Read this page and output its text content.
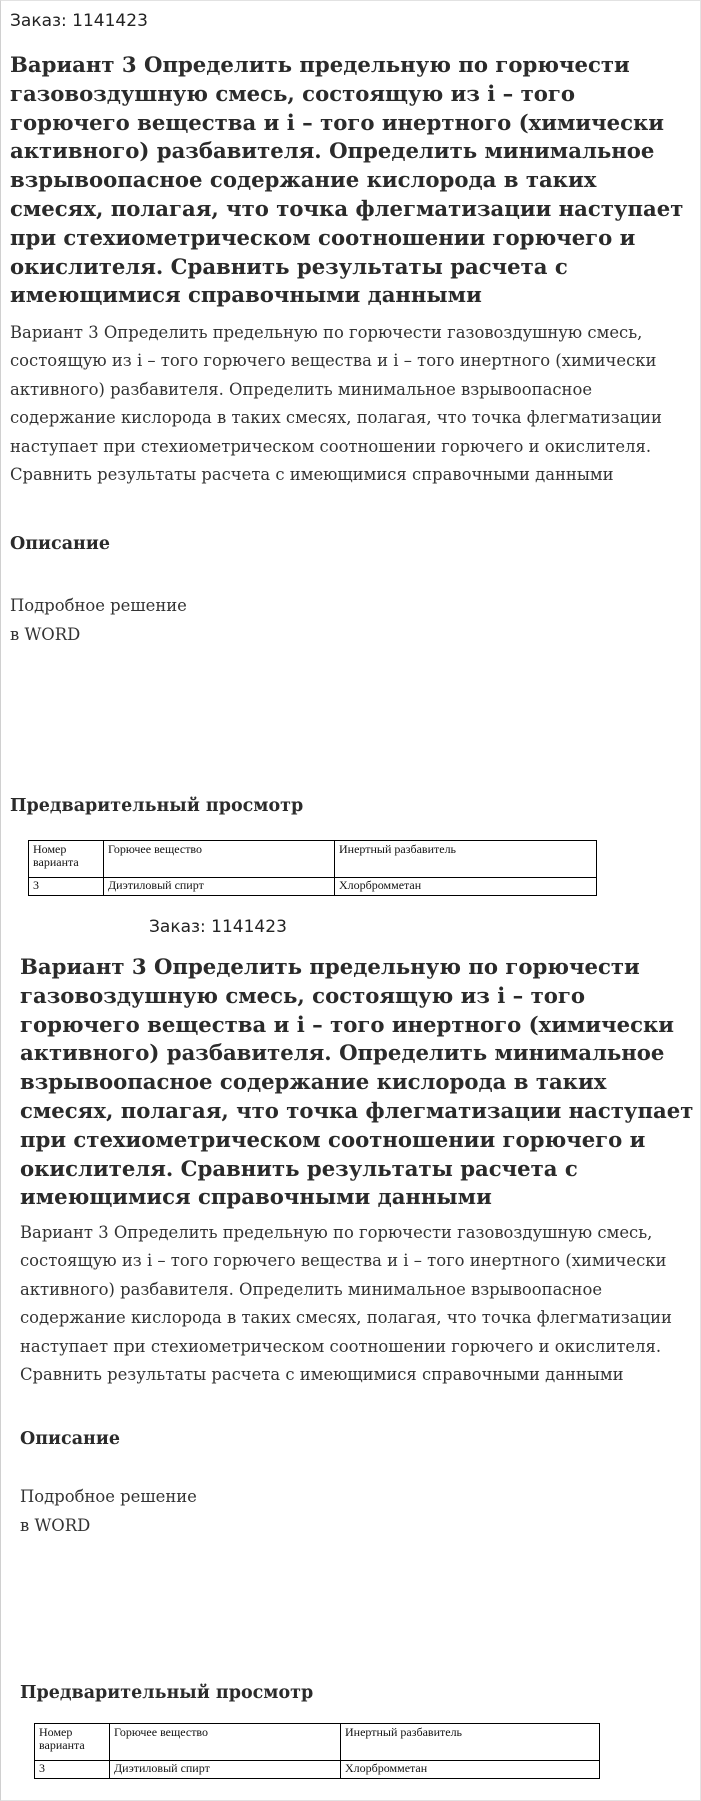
Заказ: 1141423
Вариант 3 Определить предельную по горючести газовоздушную смесь, состоящую из i – того горючего вещества и i – того инертного (химически активного) разбавителя. Определить минимальное взрывоопасное содержание кислорода в таких смесях, полагая, что точка флегматизации наступает при стехиометрическом соотношении горючего и окислителя. Сравнить результаты расчета с имеющимися справочными данными

Вариант 3 Определить предельную по горючести газовоздушную смесь, состоящую из i – того горючего вещества и i – того инертного (химически активного) разбавителя. Определить минимальное взрывоопасное содержание кислорода в таких смесях, полагая, что точка флегматизации наступает при стехиометрическом соотношении горючего и окислителя. Сравнить результаты расчета с имеющимися справочными данными

Описание

Подробное решение

в WORD

Предварительный просмотр
Номер варианта	Горючее вещество	Инертный разбавитель
3	Диэтиловый спирт	Хлорбромметан
Заказ: 1141423
Вариант 3 Определить предельную по горючести газовоздушную смесь, состоящую из i – того горючего вещества и i – того инертного (химически активного) разбавителя. Определить минимальное взрывоопасное содержание кислорода в таких смесях, полагая, что точка флегматизации наступает при стехиометрическом соотношении горючего и окислителя. Сравнить результаты расчета с имеющимися справочными данными

Вариант 3 Определить предельную по горючести газовоздушную смесь, состоящую из i – того горючего вещества и i – того инертного (химически активного) разбавителя. Определить минимальное взрывоопасное содержание кислорода в таких смесях, полагая, что точка флегматизации наступает при стехиометрическом соотношении горючего и окислителя. Сравнить результаты расчета с имеющимися справочными данными

Описание

Подробное решение

в WORD

Предварительный просмотр
Номер варианта	Горючее вещество	Инертный разбавитель
3	Диэтиловый спирт	Хлорбромметан
